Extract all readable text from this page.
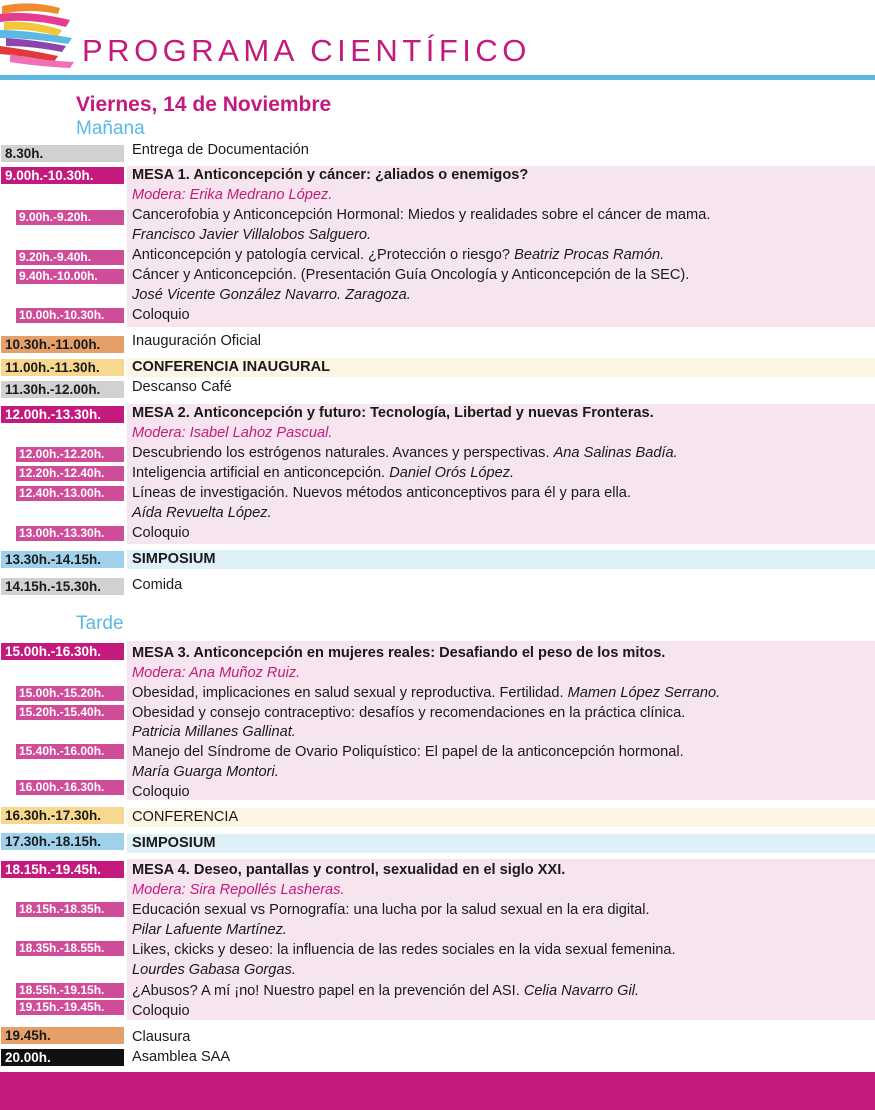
PROGRAMA CIENTÍFICO
Viernes, 14 de Noviembre
Mañana
8.30h.	Entrega de Documentación
9.00h.-10.30h.	MESA 1. Anticoncepción y cáncer: ¿aliados o enemigos?
Modera: Erika Medrano López.
9.00h.-9.20h.	Cancerofobia y Anticoncepción Hormonal: Miedos y realidades sobre el cáncer de mama.
Francisco Javier Villalobos Salguero.
9.20h.-9.40h.	Anticoncepción y patología cervical. ¿Protección o riesgo? Beatriz Procas Ramón.
9.40h.-10.00h.	Cáncer y Anticoncepción. (Presentación Guía Oncología y Anticoncepción de la SEC).
José Vicente González Navarro. Zaragoza.
10.00h.-10.30h.	Coloquio
10.30h.-11.00h.	Inauguración Oficial
11.00h.-11.30h.	CONFERENCIA INAUGURAL
11.30h.-12.00h.	Descanso Café
12.00h.-13.30h.	MESA 2. Anticoncepción y futuro: Tecnología, Libertad y nuevas Fronteras.
Modera: Isabel Lahoz Pascual.
12.00h.-12.20h.	Descubriendo los estrógenos naturales. Avances y perspectivas. Ana Salinas Badía.
12.20h.-12.40h.	Inteligencia artificial en anticoncepción. Daniel Orós López.
12.40h.-13.00h.	Líneas de investigación. Nuevos métodos anticonceptivos para él y para ella.
Aída Revuelta López.
13.00h.-13.30h.	Coloquio
13.30h.-14.15h.	SIMPOSIUM
14.15h.-15.30h.	Comida
Tarde
15.00h.-16.30h.	MESA 3. Anticoncepción en mujeres reales: Desafiando el peso de los mitos.
Modera: Ana Muñoz Ruiz.
15.00h.-15.20h.	Obesidad, implicaciones en salud sexual y reproductiva. Fertilidad. Mamen López Serrano.
15.20h.-15.40h.	Obesidad y consejo contraceptivo: desafíos y recomendaciones en la práctica clínica.
Patricia Millanes Gallinat.
15.40h.-16.00h.	Manejo del Síndrome de Ovario Poliquístico: El papel de la anticoncepción hormonal.
María Guarga Montori.
16.00h.-16.30h.	Coloquio
16.30h.-17.30h.	CONFERENCIA
17.30h.-18.15h.	SIMPOSIUM
18.15h.-19.45h.	MESA 4. Deseo, pantallas y control, sexualidad en el siglo XXI.
Modera: Sira Repollés Lasheras.
18.15h.-18.35h.	Educación sexual vs Pornografía: una lucha por la salud sexual en la era digital.
Pilar Lafuente Martínez.
18.35h.-18.55h.	Likes, ckicks y deseo: la influencia de las redes sociales en la vida sexual femenina.
Lourdes Gabasa Gorgas.
18.55h.-19.15h.	¿Abusos? A mí ¡no! Nuestro papel en la prevención del ASI. Celia Navarro Gil.
19.15h.-19.45h.	Coloquio
19.45h.	Clausura
20.00h.	Asamblea SAA
